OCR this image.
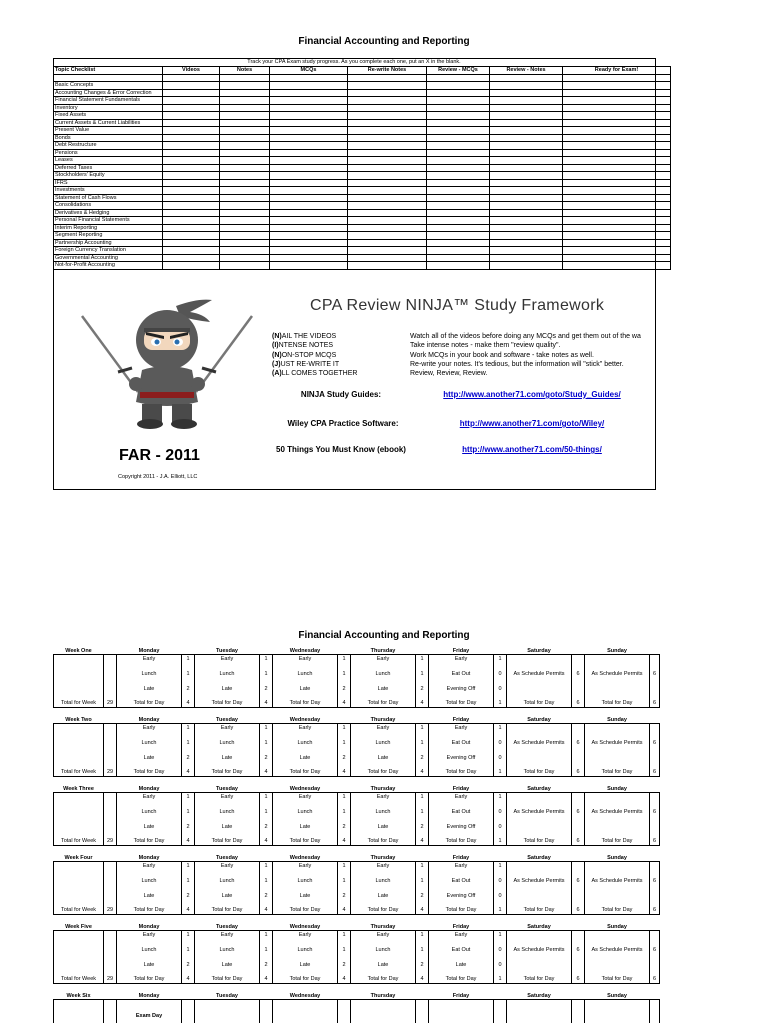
Financial Accounting and Reporting
Track your CPA Exam study progress. As you complete each one, put an X in the blank.
Topic Checklist	Videos	Notes	MCQs	Re-write Notes	Review - MCQs	Review - Notes	Ready for Exam!

Basic Concepts							
Accounting Changes & Error Correction							
Financial Statement Fundamentals							
Inventory							
Fixed Assets							
Current Assets & Current Liabilities							
Present Value							
Bonds							
Debt Restructure							
Pensions							
Leases							
Deferred Taxes							
Stockholders' Equity							
IFRS							
Investments							
Statement of Cash Flows							
Consolidations							
Derivatives & Hedging							
Personal Financial Statements							
Interim Reporting							
Segment Reporting							
Partnership Accounting							
Foreign Currency Translation							
Governmental Accounting							
Not-for-Profit Accounting							
CPA Review NINJA™ Study Framework
(N)AIL THE VIDEOS
(I)NTENSE NOTES
(N)ON-STOP MCQS
(J)UST RE-WRITE IT
(A)LL COMES TOGETHER
Watch all of the videos before doing any MCQs and get them out of the wa
Take intense notes - make them "review quality".
Work MCQs in your book and software - take notes as well.
Re-write your notes. It's tedious, but the information will "stick" better.
Review, Review, Review.
NINJA Study Guides:	http://www.another71.com/goto/Study_Guides/
Wiley CPA Practice Software:	http://www.another71.com/goto/Wiley/
50 Things You Must Know (ebook)	http://www.another71.com/50-things/
FAR - 2011
Copyright 2011 - J.A. Elliott, LLC
Financial Accounting and Reporting
Week One		Monday		Tuesday		Wednesday		Thursday		Friday		Saturday		Sunday	
		Early	1	Early	1	Early	1	Early	1	Early	1				
		Lunch	1	Lunch	1	Lunch	1	Lunch	1	Eat Out	0	As Schedule Permits	6	As Schedule Permits	6
		Late	2	Late	2	Late	2	Late	2	Evening Off	0				

Total for Week	29	Total for Day	4	Total for Day	4	Total for Day	4	Total for Day	4	Total for Day	1	Total for Day	6	Total for Day	6
Week Two		Monday		Tuesday		Wednesday		Thursday		Friday		Saturday		Sunday	
		Early	1	Early	1	Early	1	Early	1	Early	1				
		Lunch	1	Lunch	1	Lunch	1	Lunch	1	Eat Out	0	As Schedule Permits	6	As Schedule Permits	6
		Late	2	Late	2	Late	2	Late	2	Evening Off	0				

Total for Week	29	Total for Day	4	Total for Day	4	Total for Day	4	Total for Day	4	Total for Day	1	Total for Day	6	Total for Day	6
Week Three		Monday		Tuesday		Wednesday		Thursday		Friday		Saturday		Sunday	
		Early	1	Early	1	Early	1	Early	1	Early	1				
		Lunch	1	Lunch	1	Lunch	1	Lunch	1	Eat Out	0	As Schedule Permits	6	As Schedule Permits	6
		Late	2	Late	2	Late	2	Late	2	Evening Off	0				

Total for Week	29	Total for Day	4	Total for Day	4	Total for Day	4	Total for Day	4	Total for Day	1	Total for Day	6	Total for Day	6
Week Four		Monday		Tuesday		Wednesday		Thursday		Friday		Saturday		Sunday	
		Early	1	Early	1	Early	1	Early	1	Early	1				
		Lunch	1	Lunch	1	Lunch	1	Lunch	1	Eat Out	0	As Schedule Permits	6	As Schedule Permits	6
		Late	2	Late	2	Late	2	Late	2	Evening Off	0				

Total for Week	29	Total for Day	4	Total for Day	4	Total for Day	4	Total for Day	4	Total for Day	1	Total for Day	6	Total for Day	6
Week Five		Monday		Tuesday		Wednesday		Thursday		Friday		Saturday		Sunday	
		Early	1	Early	1	Early	1	Early	1	Early	1				
		Lunch	1	Lunch	1	Lunch	1	Lunch	1	Eat Out	0	As Schedule Permits	6	As Schedule Permits	6
		Late	2	Late	2	Late	2	Late	2	Late	0				

Total for Week	29	Total for Day	4	Total for Day	4	Total for Day	4	Total for Day	4	Total for Day	1	Total for Day	6	Total for Day	6
Week Six		Monday		Tuesday		Wednesday		Thursday		Friday		Saturday		Sunday	

		Exam Day													
